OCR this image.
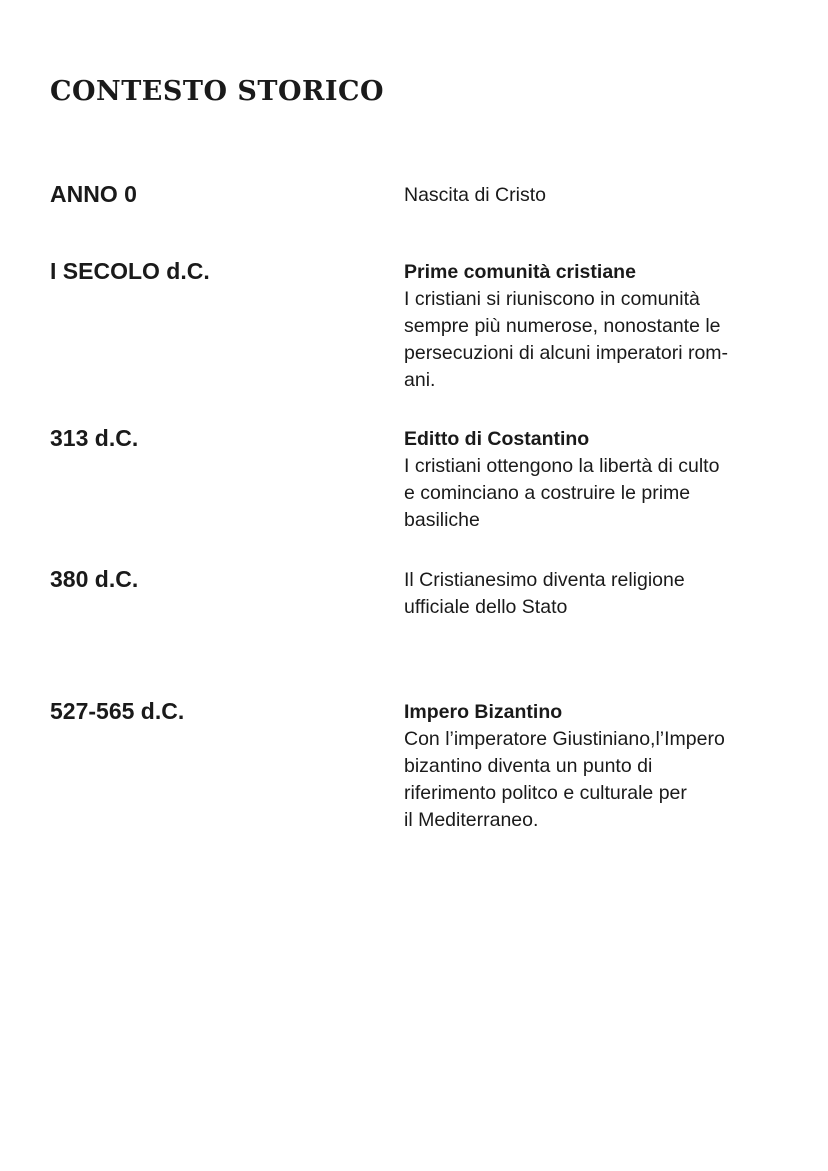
CONTESTO STORICO
ANNO 0	Nascita di Cristo
I SECOLO d.C.	Prime comunità cristiane
I cristiani si riuniscono in comunità
sempre più numerose, nonostante le
persecuzioni di alcuni imperatori rom-
ani.
313 d.C.	Editto di Costantino
I cristiani ottengono la libertà di culto
e cominciano a costruire le prime
basiliche
380 d.C.	Il Cristianesimo diventa religione
ufficiale dello Stato
527-565 d.C.	Impero Bizantino
Con l’imperatore Giustiniano,l’Impero
bizantino diventa un punto di
riferimento politco e culturale per
il Mediterraneo.
